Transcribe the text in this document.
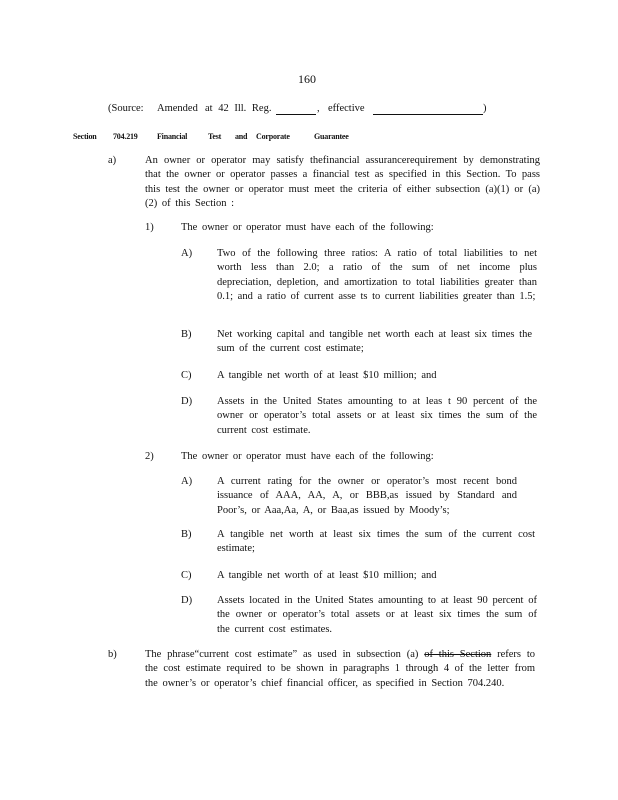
160
(Source: Amended at 42 Ill. Reg.	, effective	)
Section 704.219 Financial	Test and Corporate	Guarantee
a)	An owner or operator may satisfy thefinancial assurancerequirement by demonstrating that the owner or operator passes a financial test as specified in this Section. To pass this test the owner or operator must meet the criteria of either subsection (a)(1) or (a)(2) of this Section :
1)	The owner or operator must have each of the following:
A) Two of the following three ratios: A ratio of total liabilities to net worth less than 2.0; a ratio of the sum of net income plus depreciation, depletion, and amortization to total liabilities greater than 0.1; and a ratio of current asse ts to current liabilities greater than 1.5;
B) Net working capital and tangible net worth each at least six times the sum of the current cost estimate;
C) A tangible net worth of at least $10 million; and
D) Assets in the United States amounting to at leas t 90 percent of the owner or operator’s total assets or at least six times the sum of the current cost estimate.
2)	The owner or operator must have each of the following:
A) A current rating for the owner or operator’s most recent bond issuance of AAA, AA, A, or BBB,as issued by Standard and Poor’s, or Aaa,Aa, A, or Baa,as issued by Moody’s;
B) A tangible net worth at least six times the sum of the current cost estimate;
C) A tangible net worth of at least $10 million; and
D) Assets located in the United States amounting to at least 90 percent of the owner or operator’s total assets or at least six times the sum of the current cost estimates.
b)	The phrase“current cost estimate” as used in subsection (a) of this Section refers to the cost estimate required to be shown in paragraphs 1 through 4 of the letter from the owner’s or operator’s chief financial officer, as specified in Section 704.240.
